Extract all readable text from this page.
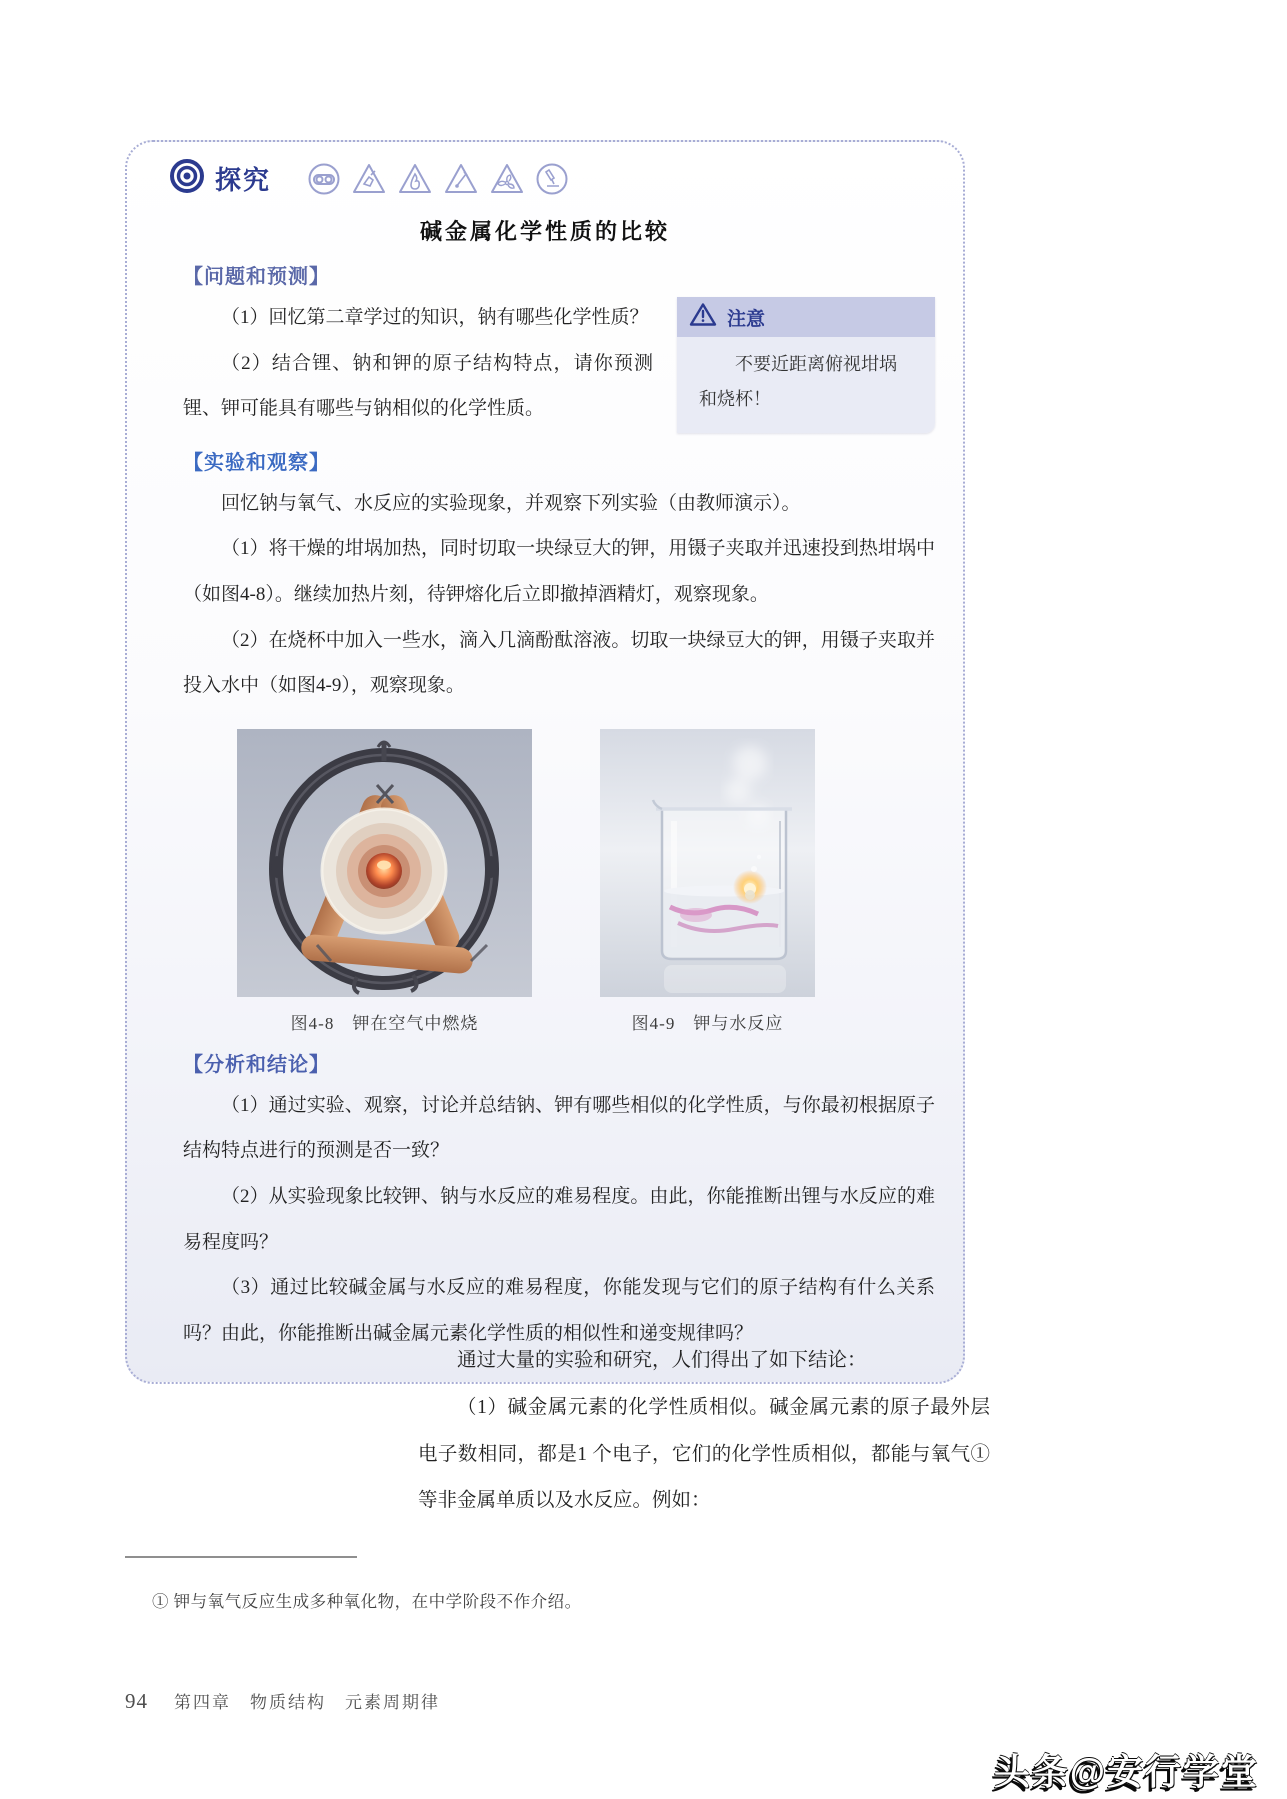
探究
碱金属化学性质的比较
【问题和预测】
注意
不要近距离俯视坩埚和烧杯！

（1）回忆第二章学过的知识，钠有哪些化学性质？

（2）结合锂、钠和钾的原子结构特点，请你预测锂、钾可能具有哪些与钠相似的化学性质。

【实验和观察】

回忆钠与氧气、水反应的实验现象，并观察下列实验（由教师演示）。

（1）将干燥的坩埚加热，同时切取一块绿豆大的钾，用镊子夹取并迅速投到热坩埚中（如图4-8）。继续加热片刻，待钾熔化后立即撤掉酒精灯，观察现象。

（2）在烧杯中加入一些水，滴入几滴酚酞溶液。切取一块绿豆大的钾，用镊子夹取并投入水中（如图4-9），观察现象。

图4-8　钾在空气中燃烧	图4-9　钾与水反应
【分析和结论】

（1）通过实验、观察，讨论并总结钠、钾有哪些相似的化学性质，与你最初根据原子结构特点进行的预测是否一致？

（2）从实验现象比较钾、钠与水反应的难易程度。由此，你能推断出锂与水反应的难易程度吗？

（3）通过比较碱金属与水反应的难易程度，你能发现与它们的原子结构有什么关系吗？由此，你能推断出碱金属元素化学性质的相似性和递变规律吗？

通过大量的实验和研究，人们得出了如下结论：

（1）碱金属元素的化学性质相似。碱金属元素的原子最外层电子数相同，都是1 个电子，它们的化学性质相似，都能与氧气①等非金属单质以及水反应。例如：

① 钾与氧气反应生成多种氧化物，在中学阶段不作介绍。

94 第四章　物质结构　元素周期律
头条@安行学堂
